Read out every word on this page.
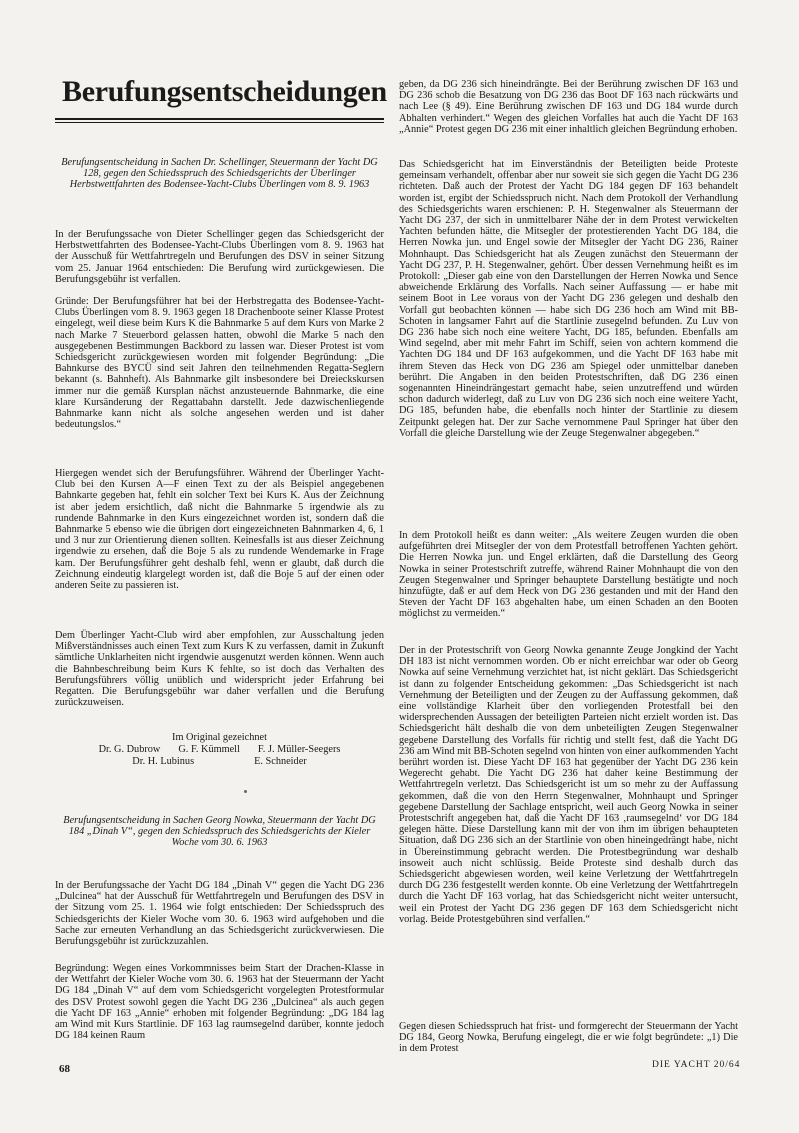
Berufungsentscheidungen

Berufungsentscheidung in Sachen Dr. Schellinger, Steuermann der Yacht DG 128, gegen den Schiedsspruch des Schiedsgerichts der Überlinger Herbstwettfahrten des Bodensee-Yacht-Clubs Überlingen vom 8. 9. 1963

In der Berufungssache von Dieter Schellinger gegen das Schiedsgericht der Herbstwettfahrten des Bodensee-Yacht-Clubs Überlingen vom 8. 9. 1963 hat der Ausschuß für Wettfahrtregeln und Berufungen des DSV in seiner Sitzung vom 25. Januar 1964 entschieden: Die Berufung wird zurückgewiesen. Die Berufungsgebühr ist verfallen.

Gründe: Der Berufungsführer hat bei der Herbstregatta des Bodensee-Yacht-Clubs Überlingen vom 8. 9. 1963 gegen 18 Drachenboote seiner Klasse Protest eingelegt, weil diese beim Kurs K die Bahnmarke 5 auf dem Kurs von Marke 2 nach Marke 7 Steuerbord gelassen hatten, obwohl die Marke 5 nach den ausgegebenen Bestimmungen Backbord zu lassen war. Dieser Protest ist vom Schiedsgericht zurückgewiesen worden mit folgender Begründung: „Die Bahnkurse des BYCÜ sind seit Jahren den teilnehmenden Regatta-Seglern bekannt (s. Bahnheft). Als Bahnmarke gilt insbesondere bei Dreieckskursen immer nur die gemäß Kursplan nächst anzusteuernde Bahnmarke, die eine klare Kursänderung der Regattabahn darstellt. Jede dazwischenliegende Bahnmarke kann nicht als solche angesehen werden und ist daher bedeutungslos.“

Hiergegen wendet sich der Berufungsführer. Während der Überlinger Yacht-Club bei den Kursen A—F einen Text zu der als Beispiel angegebenen Bahnkarte gegeben hat, fehlt ein solcher Text bei Kurs K. Aus der Zeichnung ist aber jedem ersichtlich, daß nicht die Bahnmarke 5 irgendwie als zu rundende Bahnmarke in den Kurs eingezeichnet worden ist, sondern daß die Bahnmarke 5 ebenso wie die übrigen dort eingezeichneten Bahnmarken 4, 6, 1 und 3 nur zur Orientierung dienen sollten. Keinesfalls ist aus dieser Zeichnung irgendwie zu ersehen, daß die Boje 5 als zu rundende Wendemarke in Frage kam. Der Berufungsführer geht deshalb fehl, wenn er glaubt, daß durch die Zeichnung eindeutig klargelegt worden ist, daß die Boje 5 auf der einen oder anderen Seite zu passieren ist.

Dem Überlinger Yacht-Club wird aber empfohlen, zur Ausschaltung jeden Mißverständnisses auch einen Text zum Kurs K zu verfassen, damit in Zukunft sämtliche Unklarheiten nicht irgendwie ausgenutzt werden können. Wenn auch die Bahnbeschreibung beim Kurs K fehlte, so ist doch das Verhalten des Berufungsführers völlig unüblich und widerspricht jeder Erfahrung bei Regatten. Die Berufungsgebühr war daher verfallen und die Berufung zurückzuweisen.

Im Original gezeichnet
Dr. G. Dubrow G. F. Kümmell F. J. Müller-Seegers
Dr. H. Lubinus	E. Schneider

Berufungsentscheidung in Sachen Georg Nowka, Steuermann der Yacht DG 184 „Dinah V“, gegen den Schiedsspruch des Schiedsgerichts der Kieler Woche vom 30. 6. 1963

In der Berufungssache der Yacht DG 184 „Dinah V“ gegen die Yacht DG 236 „Dulcinea“ hat der Ausschuß für Wettfahrtregeln und Berufungen des DSV in der Sitzung vom 25. 1. 1964 wie folgt entschieden: Der Schiedsspruch des Schiedsgerichts der Kieler Woche vom 30. 6. 1963 wird aufgehoben und die Sache zur erneuten Verhandlung an das Schiedsgericht zurückverwiesen. Die Berufungsgebühr ist zurückzuzahlen.

Begründung: Wegen eines Vorkommnisses beim Start der Drachen-Klasse in der Wettfahrt der Kieler Woche vom 30. 6. 1963 hat der Steuermann der Yacht DG 184 „Dinah V“ auf dem vom Schiedsgericht vorgelegten Protestformular des DSV Protest sowohl gegen die Yacht DG 236 „Dulcinea“ als auch gegen die Yacht DF 163 „Annie“ erhoben mit folgender Begründung: „DG 184 lag am Wind mit Kurs Startlinie. DF 163 lag raumsegelnd darüber, konnte jedoch DG 184 keinen Raum

geben, da DG 236 sich hineindrängte. Bei der Berührung zwischen DF 163 und DG 236 schob die Besatzung von DG 236 das Boot DF 163 nach rückwärts und nach Lee (§ 49). Eine Berührung zwischen DF 163 und DG 184 wurde durch Abhalten verhindert.“ Wegen des gleichen Vorfalles hat auch die Yacht DF 163 „Annie“ Protest gegen DG 236 mit einer inhaltlich gleichen Begründung erhoben.

Das Schiedsgericht hat im Einverständnis der Beteiligten beide Proteste gemeinsam verhandelt, offenbar aber nur soweit sie sich gegen die Yacht DG 236 richteten. Daß auch der Protest der Yacht DG 184 gegen DF 163 behandelt worden ist, ergibt der Schiedsspruch nicht. Nach dem Protokoll der Verhandlung des Schiedsgerichts waren erschienen: P. H. Stegenwalner als Steuermann der Yacht DG 237, der sich in unmittelbarer Nähe der in dem Protest verwickelten Yachten befunden hätte, die Mitsegler der protestierenden Yacht DG 184, die Herren Nowka jun. und Engel sowie der Mitsegler der Yacht DG 236, Rainer Mohnhaupt. Das Schiedsgericht hat als Zeugen zunächst den Steuermann der Yacht DG 237, P. H. Stegenwalner, gehört. Über dessen Vernehmung heißt es im Protokoll: „Dieser gab eine von den Darstellungen der Herren Nowka und Sence abweichende Erklärung des Vorfalls. Nach seiner Auffassung — er habe mit seinem Boot in Lee voraus von der Yacht DG 236 gelegen und deshalb den Vorfall gut beobachten können — habe sich DG 236 hoch am Wind mit BB-Schoten in langsamer Fahrt auf die Startlinie zusegelnd befunden. Zu Luv von DG 236 habe sich noch eine weitere Yacht, DG 185, befunden. Ebenfalls am Wind segelnd, aber mit mehr Fahrt im Schiff, seien von achtern kommend die Yachten DG 184 und DF 163 aufgekommen, und die Yacht DF 163 habe mit ihrem Steven das Heck von DG 236 am Spiegel oder unmittelbar daneben berührt. Die Angaben in den beiden Protestschriften, daß DG 236 einen sogenannten Hineindrängestart gemacht habe, seien unzutreffend und würden schon dadurch widerlegt, daß zu Luv von DG 236 sich noch eine weitere Yacht, DG 185, befunden habe, die ebenfalls noch hinter der Startlinie zu diesem Zeitpunkt gelegen hat. Der zur Sache vernommene Paul Springer hat über den Vorfall die gleiche Darstellung wie der Zeuge Stegenwalner abgegeben.“

In dem Protokoll heißt es dann weiter: „Als weitere Zeugen wurden die oben aufgeführten drei Mitsegler der von dem Protestfall betroffenen Yachten gehört. Die Herren Nowka jun. und Engel erklärten, daß die Darstellung des Georg Nowka in seiner Protestschrift zutreffe, während Rainer Mohnhaupt die von den Zeugen Stegenwalner und Springer behauptete Darstellung bestätigte und noch hinzufügte, daß er auf dem Heck von DG 236 gestanden und mit der Hand den Steven der Yacht DF 163 abgehalten habe, um einen Schaden an den Booten möglichst zu vermeiden.“

Der in der Protestschrift von Georg Nowka genannte Zeuge Jongkind der Yacht DH 183 ist nicht vernommen worden. Ob er nicht erreichbar war oder ob Georg Nowka auf seine Vernehmung verzichtet hat, ist nicht geklärt. Das Schiedsgericht ist dann zu folgender Entscheidung gekommen: „Das Schiedsgericht ist nach Vernehmung der Beteiligten und der Zeugen zu der Auffassung gekommen, daß eine vollständige Klarheit über den vorliegenden Protestfall bei den widersprechenden Aussagen der beteiligten Parteien nicht erzielt worden ist. Das Schiedsgericht hält deshalb die von dem unbeteiligten Zeugen Stegenwalner gegebene Darstellung des Vorfalls für richtig und stellt fest, daß die Yacht DG 236 am Wind mit BB-Schoten segelnd von hinten von einer aufkommenden Yacht berührt worden ist. Diese Yacht DF 163 hat gegenüber der Yacht DG 236 kein Wegerecht gehabt. Die Yacht DG 236 hat daher keine Bestimmung der Wettfahrtregeln verletzt. Das Schiedsgericht ist um so mehr zu der Auffassung gekommen, daß die von den Herrn Stegenwalner, Mohnhaupt und Springer gegebene Darstellung der Sachlage entspricht, weil auch Georg Nowka in seiner Protestschrift angegeben hat, daß die Yacht DF 163 ‚raumsegelnd‘ vor DG 184 gelegen hätte. Diese Darstellung kann mit der von ihm im übrigen behaupteten Situation, daß DG 236 sich an der Startlinie von oben hineingedrängt habe, nicht in Übereinstimmung gebracht werden. Die Protestbegründung war deshalb insoweit auch nicht schlüssig. Beide Proteste sind deshalb durch das Schiedsgericht abgewiesen worden, weil keine Verletzung der Wettfahrtregeln durch DG 236 festgestellt werden konnte. Ob eine Verletzung der Wettfahrtregeln durch die Yacht DF 163 vorlag, hat das Schiedsgericht nicht weiter untersucht, weil ein Protest der Yacht DG 236 gegen DF 163 dem Schiedsgericht nicht vorlag. Beide Protestgebühren sind verfallen.“

Gegen diesen Schiedsspruch hat frist- und formgerecht der Steuermann der Yacht DG 184, Georg Nowka, Berufung eingelegt, die er wie folgt begründete: „1) Die in dem Protest

68	DIE YACHT 20/64
